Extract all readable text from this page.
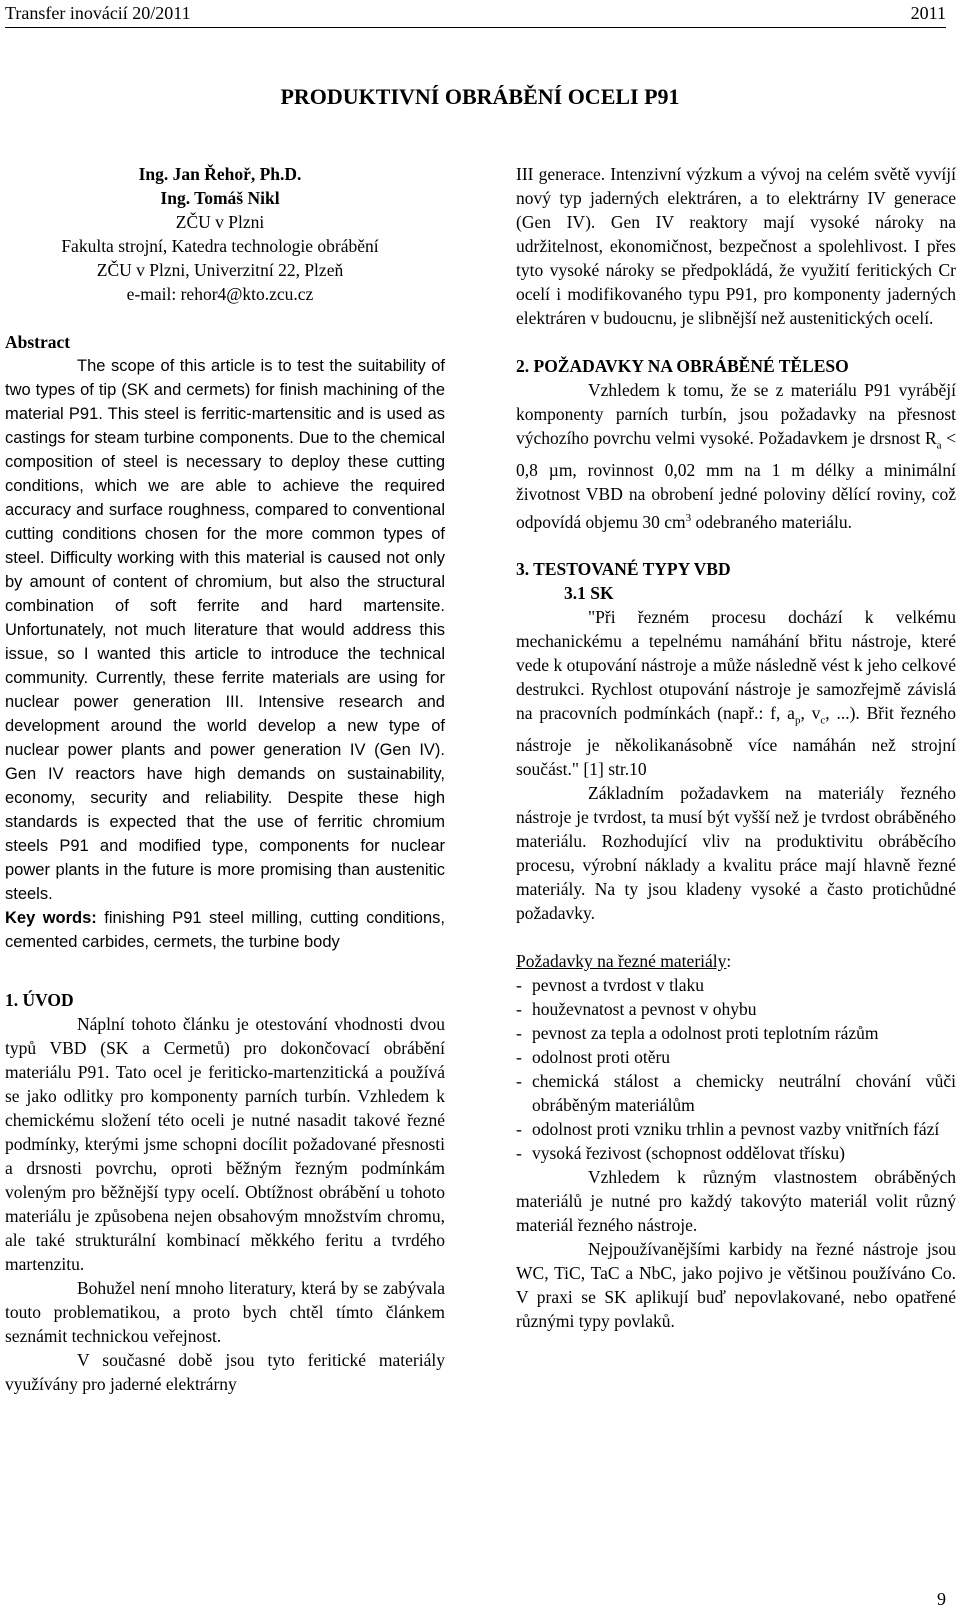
Transfer inovácií 20/2011	2011
PRODUKTIVNÍ OBRÁBĚNÍ OCELI P91
Ing. Jan Řehoř, Ph.D.
Ing. Tomáš Nikl
ZČU v Plzni
Fakulta strojní, Katedra technologie obrábění
ZČU v Plzni, Univerzitní 22, Plzeň
e-mail: rehor4@kto.zcu.cz

Abstract

The scope of this article is to test the suitability of two types of tip (SK and cermets) for finish machining of the material P91. This steel is ferritic-martensitic and is used as castings for steam turbine components. Due to the chemical composition of steel is necessary to deploy these cutting conditions, which we are able to achieve the required accuracy and surface roughness, compared to conventional cutting conditions chosen for the more common types of steel. Difficulty working with this material is caused not only by amount of content of chromium, but also the structural combination of soft ferrite and hard martensite. Unfortunately, not much literature that would address this issue, so I wanted this article to introduce the technical community. Currently, these ferrite materials are using for nuclear power generation III. Intensive research and development around the world develop a new type of nuclear power plants and power generation IV (Gen IV). Gen IV reactors have high demands on sustainability, economy, security and reliability. Despite these high standards is expected that the use of ferritic chromium steels P91 and modified type, components for nuclear power plants in the future is more promising than austenitic steels.

Key words: finishing P91 steel milling, cutting conditions, cemented carbides, cermets, the turbine body

1. ÚVOD

Náplní tohoto článku je otestování vhodnosti dvou typů VBD (SK a Cermetů) pro dokončovací obrábění materiálu P91. Tato ocel je feriticko-martenzitická a používá se jako odlitky pro komponenty parních turbín. Vzhledem k chemickému složení této oceli je nutné nasadit takové řezné podmínky, kterými jsme schopni docílit požadované přesnosti a drsnosti povrchu, oproti běžným řezným podmínkám voleným pro běžnější typy ocelí. Obtížnost obrábění u tohoto materiálu je způsobena nejen obsahovým množstvím chromu, ale také strukturální kombinací měkkého feritu a tvrdého martenzitu.

Bohužel není mnoho literatury, která by se zabývala touto problematikou, a proto bych chtěl tímto článkem seznámit technickou veřejnost.

V současné době jsou tyto feritické materiály využívány pro jaderné elektrárny

III generace. Intenzivní výzkum a vývoj na celém světě vyvíjí nový typ jaderných elektráren, a to elektrárny IV generace (Gen IV). Gen IV reaktory mají vysoké nároky na udržitelnost, ekonomičnost, bezpečnost a spolehlivost. I přes tyto vysoké nároky se předpokládá, že využití feritických Cr ocelí i modifikovaného typu P91, pro komponenty jaderných elektráren v budoucnu, je slibnější než austenitických ocelí.

2. POŽADAVKY NA OBRÁBĚNÉ TĚLESO

Vzhledem k tomu, že se z materiálu P91 vyrábějí komponenty parních turbín, jsou požadavky na přesnost výchozího povrchu velmi vysoké. Požadavkem je drsnost $R_a < 0,8$ µm, rovinnost 0,02 mm na 1 m délky a minimální životnost VBD na obrobení jedné poloviny dělící roviny, což odpovídá objemu 30 $cm^3$ odebraného materiálu.

3. TESTOVANÉ TYPY VBD

3.1 SK

"Při řezném procesu dochází k velkému mechanickému a tepelnému namáhání břitu nástroje, které vede k otupování nástroje a může následně vést k jeho celkové destrukci. Rychlost otupování nástroje je samozřejmě závislá na pracovních podmínkách (např.: f, $a_p$, $v_c$, ...). Břit řezného nástroje je několikanásobně více namáhán než strojní součást." [1] str.10

Základním požadavkem na materiály řezného nástroje je tvrdost, ta musí být vyšší než je tvrdost obráběného materiálu. Rozhodující vliv na produktivitu obráběcího procesu, výrobní náklady a kvalitu práce mají hlavně řezné materiály. Na ty jsou kladeny vysoké a často protichůdné požadavky.

Požadavky na řezné materiály:

- pevnost a tvrdost v tlaku
- houževnatost a pevnost v ohybu
- pevnost za tepla a odolnost proti teplotním rázům
- odolnost proti otěru
- chemická stálost a chemicky neutrální chování vůči obráběným materiálům
- odolnost proti vzniku trhlin a pevnost vazby vnitřních fází
- vysoká řezivost (schopnost oddělovat třísku)

Vzhledem k různým vlastnostem obráběných materiálů je nutné pro každý takovýto materiál volit různý materiál řezného nástroje.

Nejpoužívanějšími karbidy na řezné nástroje jsou WC, TiC, TaC a NbC, jako pojivo je většinou používáno Co. V praxi se SK aplikují buď nepovlakované, nebo opatřené různými typy povlaků.

9
